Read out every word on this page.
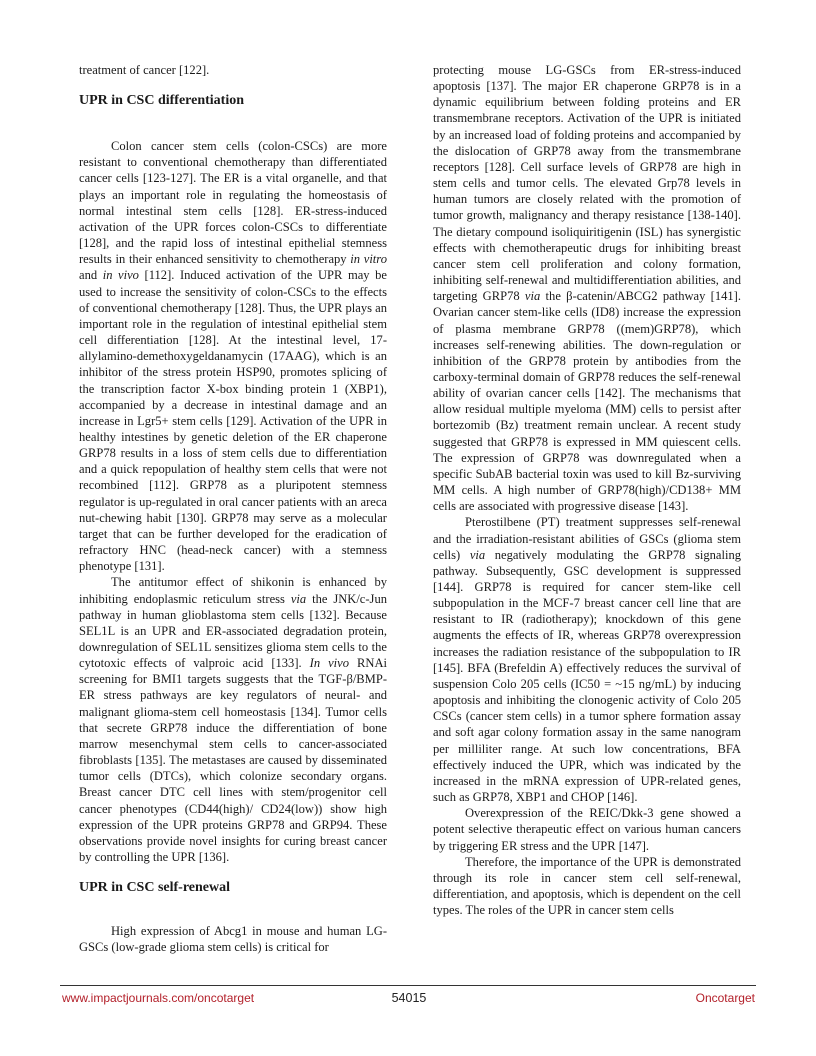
treatment of cancer [122].

UPR in CSC differentiation

Colon cancer stem cells (colon-CSCs) are more resistant to conventional chemotherapy than differentiated cancer cells [123-127]. The ER is a vital organelle, and that plays an important role in regulating the homeostasis of normal intestinal stem cells [128]. ER-stress-induced activation of the UPR forces colon-CSCs to differentiate [128], and the rapid loss of intestinal epithelial stemness results in their enhanced sensitivity to chemotherapy in vitro and in vivo [112]. Induced activation of the UPR may be used to increase the sensitivity of colon-CSCs to the effects of conventional chemotherapy [128]. Thus, the UPR plays an important role in the regulation of intestinal epithelial stem cell differentiation [128]. At the intestinal level, 17-allylamino-demethoxygeldanamycin (17AAG), which is an inhibitor of the stress protein HSP90, promotes splicing of the transcription factor X-box binding protein 1 (XBP1), accompanied by a decrease in intestinal damage and an increase in Lgr5+ stem cells [129]. Activation of the UPR in healthy intestines by genetic deletion of the ER chaperone GRP78 results in a loss of stem cells due to differentiation and a quick repopulation of healthy stem cells that were not recombined [112]. GRP78 as a pluripotent stemness regulator is up-regulated in oral cancer patients with an areca nut-chewing habit [130]. GRP78 may serve as a molecular target that can be further developed for the eradication of refractory HNC (head-neck cancer) with a stemness phenotype [131].

The antitumor effect of shikonin is enhanced by inhibiting endoplasmic reticulum stress via the JNK/c-Jun pathway in human glioblastoma stem cells [132]. Because SEL1L is an UPR and ER-associated degradation protein, downregulation of SEL1L sensitizes glioma stem cells to the cytotoxic effects of valproic acid [133]. In vivo RNAi screening for BMI1 targets suggests that the TGF-β/BMP-ER stress pathways are key regulators of neural- and malignant glioma-stem cell homeostasis [134]. Tumor cells that secrete GRP78 induce the differentiation of bone marrow mesenchymal stem cells to cancer-associated fibroblasts [135]. The metastases are caused by disseminated tumor cells (DTCs), which colonize secondary organs. Breast cancer DTC cell lines with stem/progenitor cell cancer phenotypes (CD44(high)/ CD24(low)) show high expression of the UPR proteins GRP78 and GRP94. These observations provide novel insights for curing breast cancer by controlling the UPR [136].

UPR in CSC self-renewal

High expression of Abcg1 in mouse and human LG-GSCs (low-grade glioma stem cells) is critical for

protecting mouse LG-GSCs from ER-stress-induced apoptosis [137]. The major ER chaperone GRP78 is in a dynamic equilibrium between folding proteins and ER transmembrane receptors. Activation of the UPR is initiated by an increased load of folding proteins and accompanied by the dislocation of GRP78 away from the transmembrane receptors [128]. Cell surface levels of GRP78 are high in stem cells and tumor cells. The elevated Grp78 levels in human tumors are closely related with the promotion of tumor growth, malignancy and therapy resistance [138-140]. The dietary compound isoliquiritigenin (ISL) has synergistic effects with chemotherapeutic drugs for inhibiting breast cancer stem cell proliferation and colony formation, inhibiting self-renewal and multidifferentiation abilities, and targeting GRP78 via the β-catenin/ABCG2 pathway [141]. Ovarian cancer stem-like cells (ID8) increase the expression of plasma membrane GRP78 ((mem)GRP78), which increases self-renewing abilities. The down-regulation or inhibition of the GRP78 protein by antibodies from the carboxy-terminal domain of GRP78 reduces the self-renewal ability of ovarian cancer cells [142]. The mechanisms that allow residual multiple myeloma (MM) cells to persist after bortezomib (Bz) treatment remain unclear. A recent study suggested that GRP78 is expressed in MM quiescent cells. The expression of GRP78 was downregulated when a specific SubAB bacterial toxin was used to kill Bz-surviving MM cells. A high number of GRP78(high)/CD138+ MM cells are associated with progressive disease [143].

Pterostilbene (PT) treatment suppresses self-renewal and the irradiation-resistant abilities of GSCs (glioma stem cells) via negatively modulating the GRP78 signaling pathway. Subsequently, GSC development is suppressed [144]. GRP78 is required for cancer stem-like cell subpopulation in the MCF-7 breast cancer cell line that are resistant to IR (radiotherapy); knockdown of this gene augments the effects of IR, whereas GRP78 overexpression increases the radiation resistance of the subpopulation to IR [145]. BFA (Brefeldin A) effectively reduces the survival of suspension Colo 205 cells (IC50 = ~15 ng/mL) by inducing apoptosis and inhibiting the clonogenic activity of Colo 205 CSCs (cancer stem cells) in a tumor sphere formation assay and soft agar colony formation assay in the same nanogram per milliliter range. At such low concentrations, BFA effectively induced the UPR, which was indicated by the increased in the mRNA expression of UPR-related genes, such as GRP78, XBP1 and CHOP [146].

Overexpression of the REIC/Dkk-3 gene showed a potent selective therapeutic effect on various human cancers by triggering ER stress and the UPR [147].

Therefore, the importance of the UPR is demonstrated through its role in cancer stem cell self-renewal, differentiation, and apoptosis, which is dependent on the cell types. The roles of the UPR in cancer stem cells

www.impactjournals.com/oncotarget	54015	Oncotarget
